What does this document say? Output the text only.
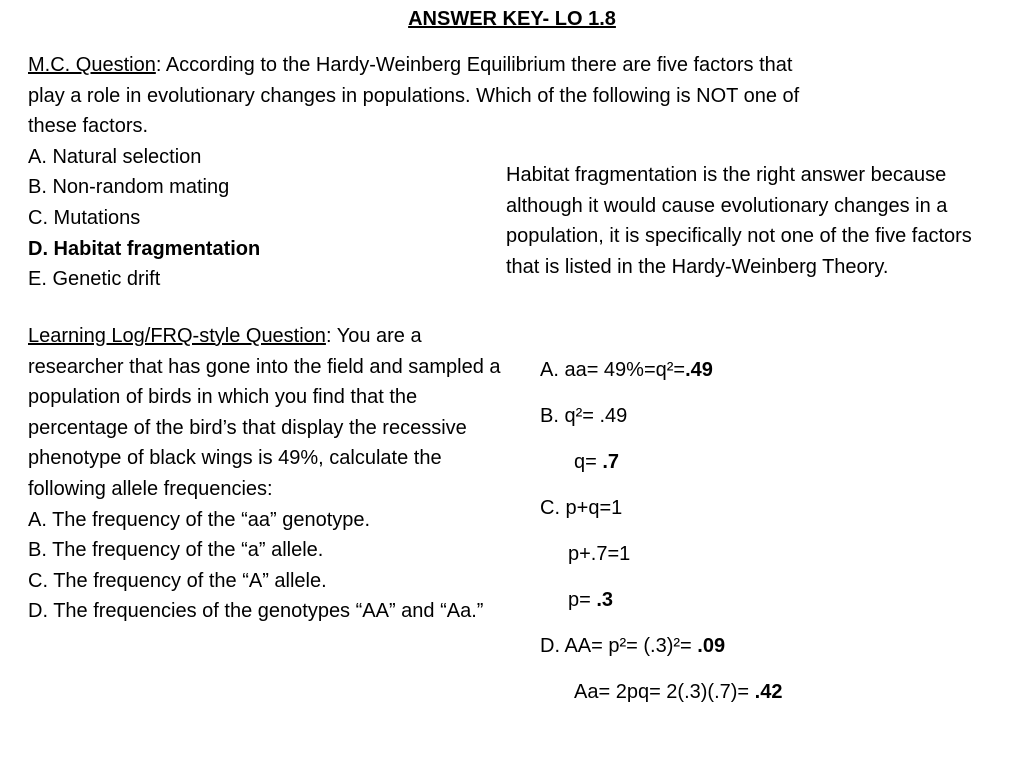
ANSWER KEY- LO 1.8
M.C. Question: According to the Hardy-Weinberg Equilibrium there are five factors that play a role in evolutionary changes in populations. Which of the following is NOT one of these factors.
A. Natural selection
B. Non-random mating
C. Mutations
D. Habitat fragmentation
E. Genetic drift
Habitat fragmentation is the right answer because although it would cause evolutionary changes in a population, it is specifically not one of the five factors that is listed in the Hardy-Weinberg Theory.
Learning Log/FRQ-style Question: You are a researcher that has gone into the field and sampled a population of birds in which you find that the percentage of the bird’s that display the recessive phenotype of black wings is 49%, calculate the following allele frequencies:
A. The frequency of the “aa” genotype.
B. The frequency of the “a” allele.
C. The frequency of the “A” allele.
D. The frequencies of the genotypes “AA” and “Aa.”
A. aa= 49%=q²=.49
B. q²= .49
q= .7
C. p+q=1
p+.7=1
p= .3
D. AA= p²= (.3)²= .09
Aa= 2pq= 2(.3)(.7)= .42
